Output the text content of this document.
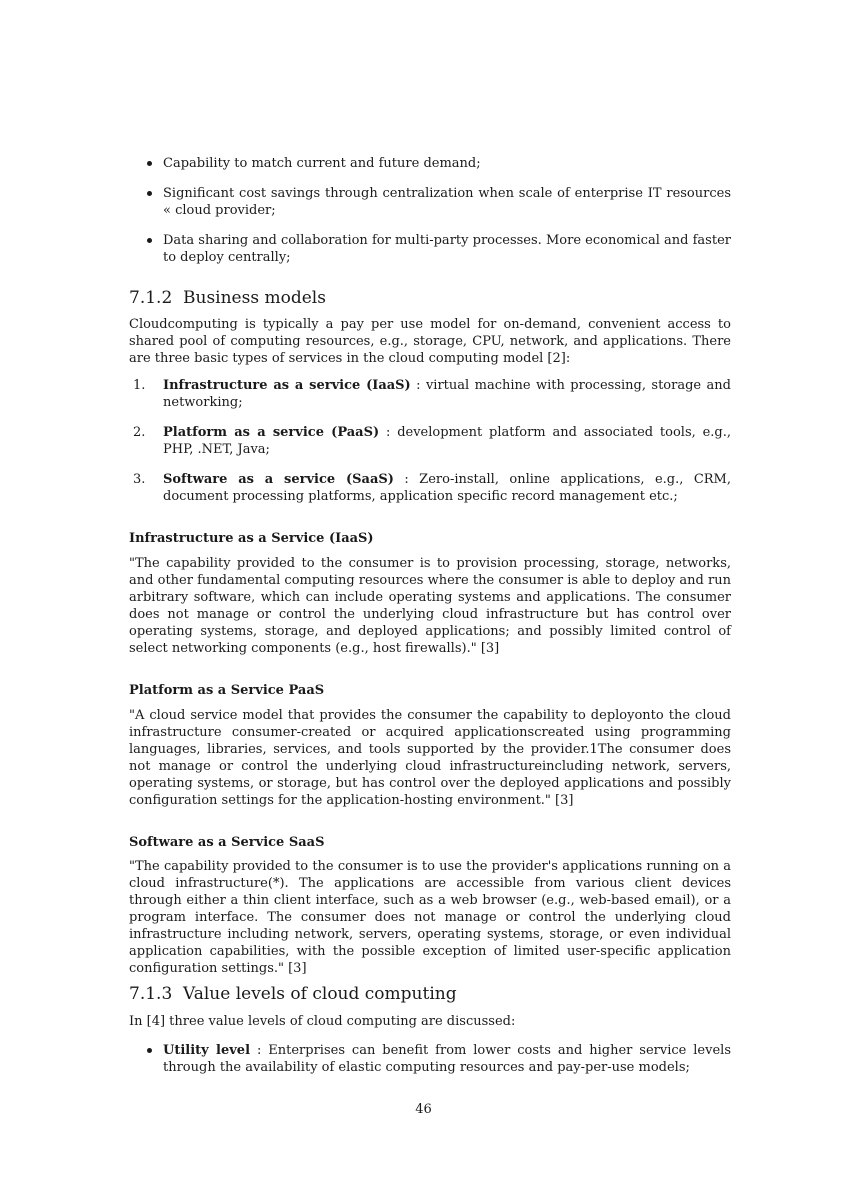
Capability to match current and future demand;
Significant cost savings through centralization when scale of enterprise IT resources « cloud provider;
Data sharing and collaboration for multi-party processes. More economical and faster to deploy centrally;
7.1.2 Business models

Cloudcomputing is typically a pay per use model for on-demand, convenient access to shared pool of computing resources, e.g., storage, CPU, network, and applications. There are three basic types of services in the cloud computing model [2]:

1. Infrastructure as a service (IaaS) : virtual machine with processing, storage and networking;
2. Platform as a service (PaaS) : development platform and associated tools, e.g., PHP, .NET, Java;
3. Software as a service (SaaS) : Zero-install, online applications, e.g., CRM, document processing platforms, application specific record management etc.;
Infrastructure as a Service (IaaS)

"The capability provided to the consumer is to provision processing, storage, networks, and other fundamental computing resources where the consumer is able to deploy and run arbitrary software, which can include operating systems and applications. The consumer does not manage or control the underlying cloud infrastructure but has control over operating systems, storage, and deployed applications; and possibly limited control of select networking components (e.g., host firewalls)." [3]

Platform as a Service PaaS

"A cloud service model that provides the consumer the capability to deployonto the cloud infrastructure consumer-created or acquired applicationscreated using programming languages, libraries, services, and tools supported by the provider.1The consumer does not manage or control the underlying cloud infrastructureincluding network, servers, operating systems, or storage, but has control over the deployed applications and possibly configuration settings for the application-hosting environment." [3]

Software as a Service SaaS

"The capability provided to the consumer is to use the provider's applications running on a cloud infrastructure(*). The applications are accessible from various client devices through either a thin client interface, such as a web browser (e.g., web-based email), or a program interface. The consumer does not manage or control the underlying cloud infrastructure including network, servers, operating systems, storage, or even individual application capabilities, with the possible exception of limited user-specific application configuration settings." [3]

7.1.3 Value levels of cloud computing

In [4] three value levels of cloud computing are discussed:

Utility level : Enterprises can benefit from lower costs and higher service levels through the availability of elastic computing resources and pay-per-use models;
46
